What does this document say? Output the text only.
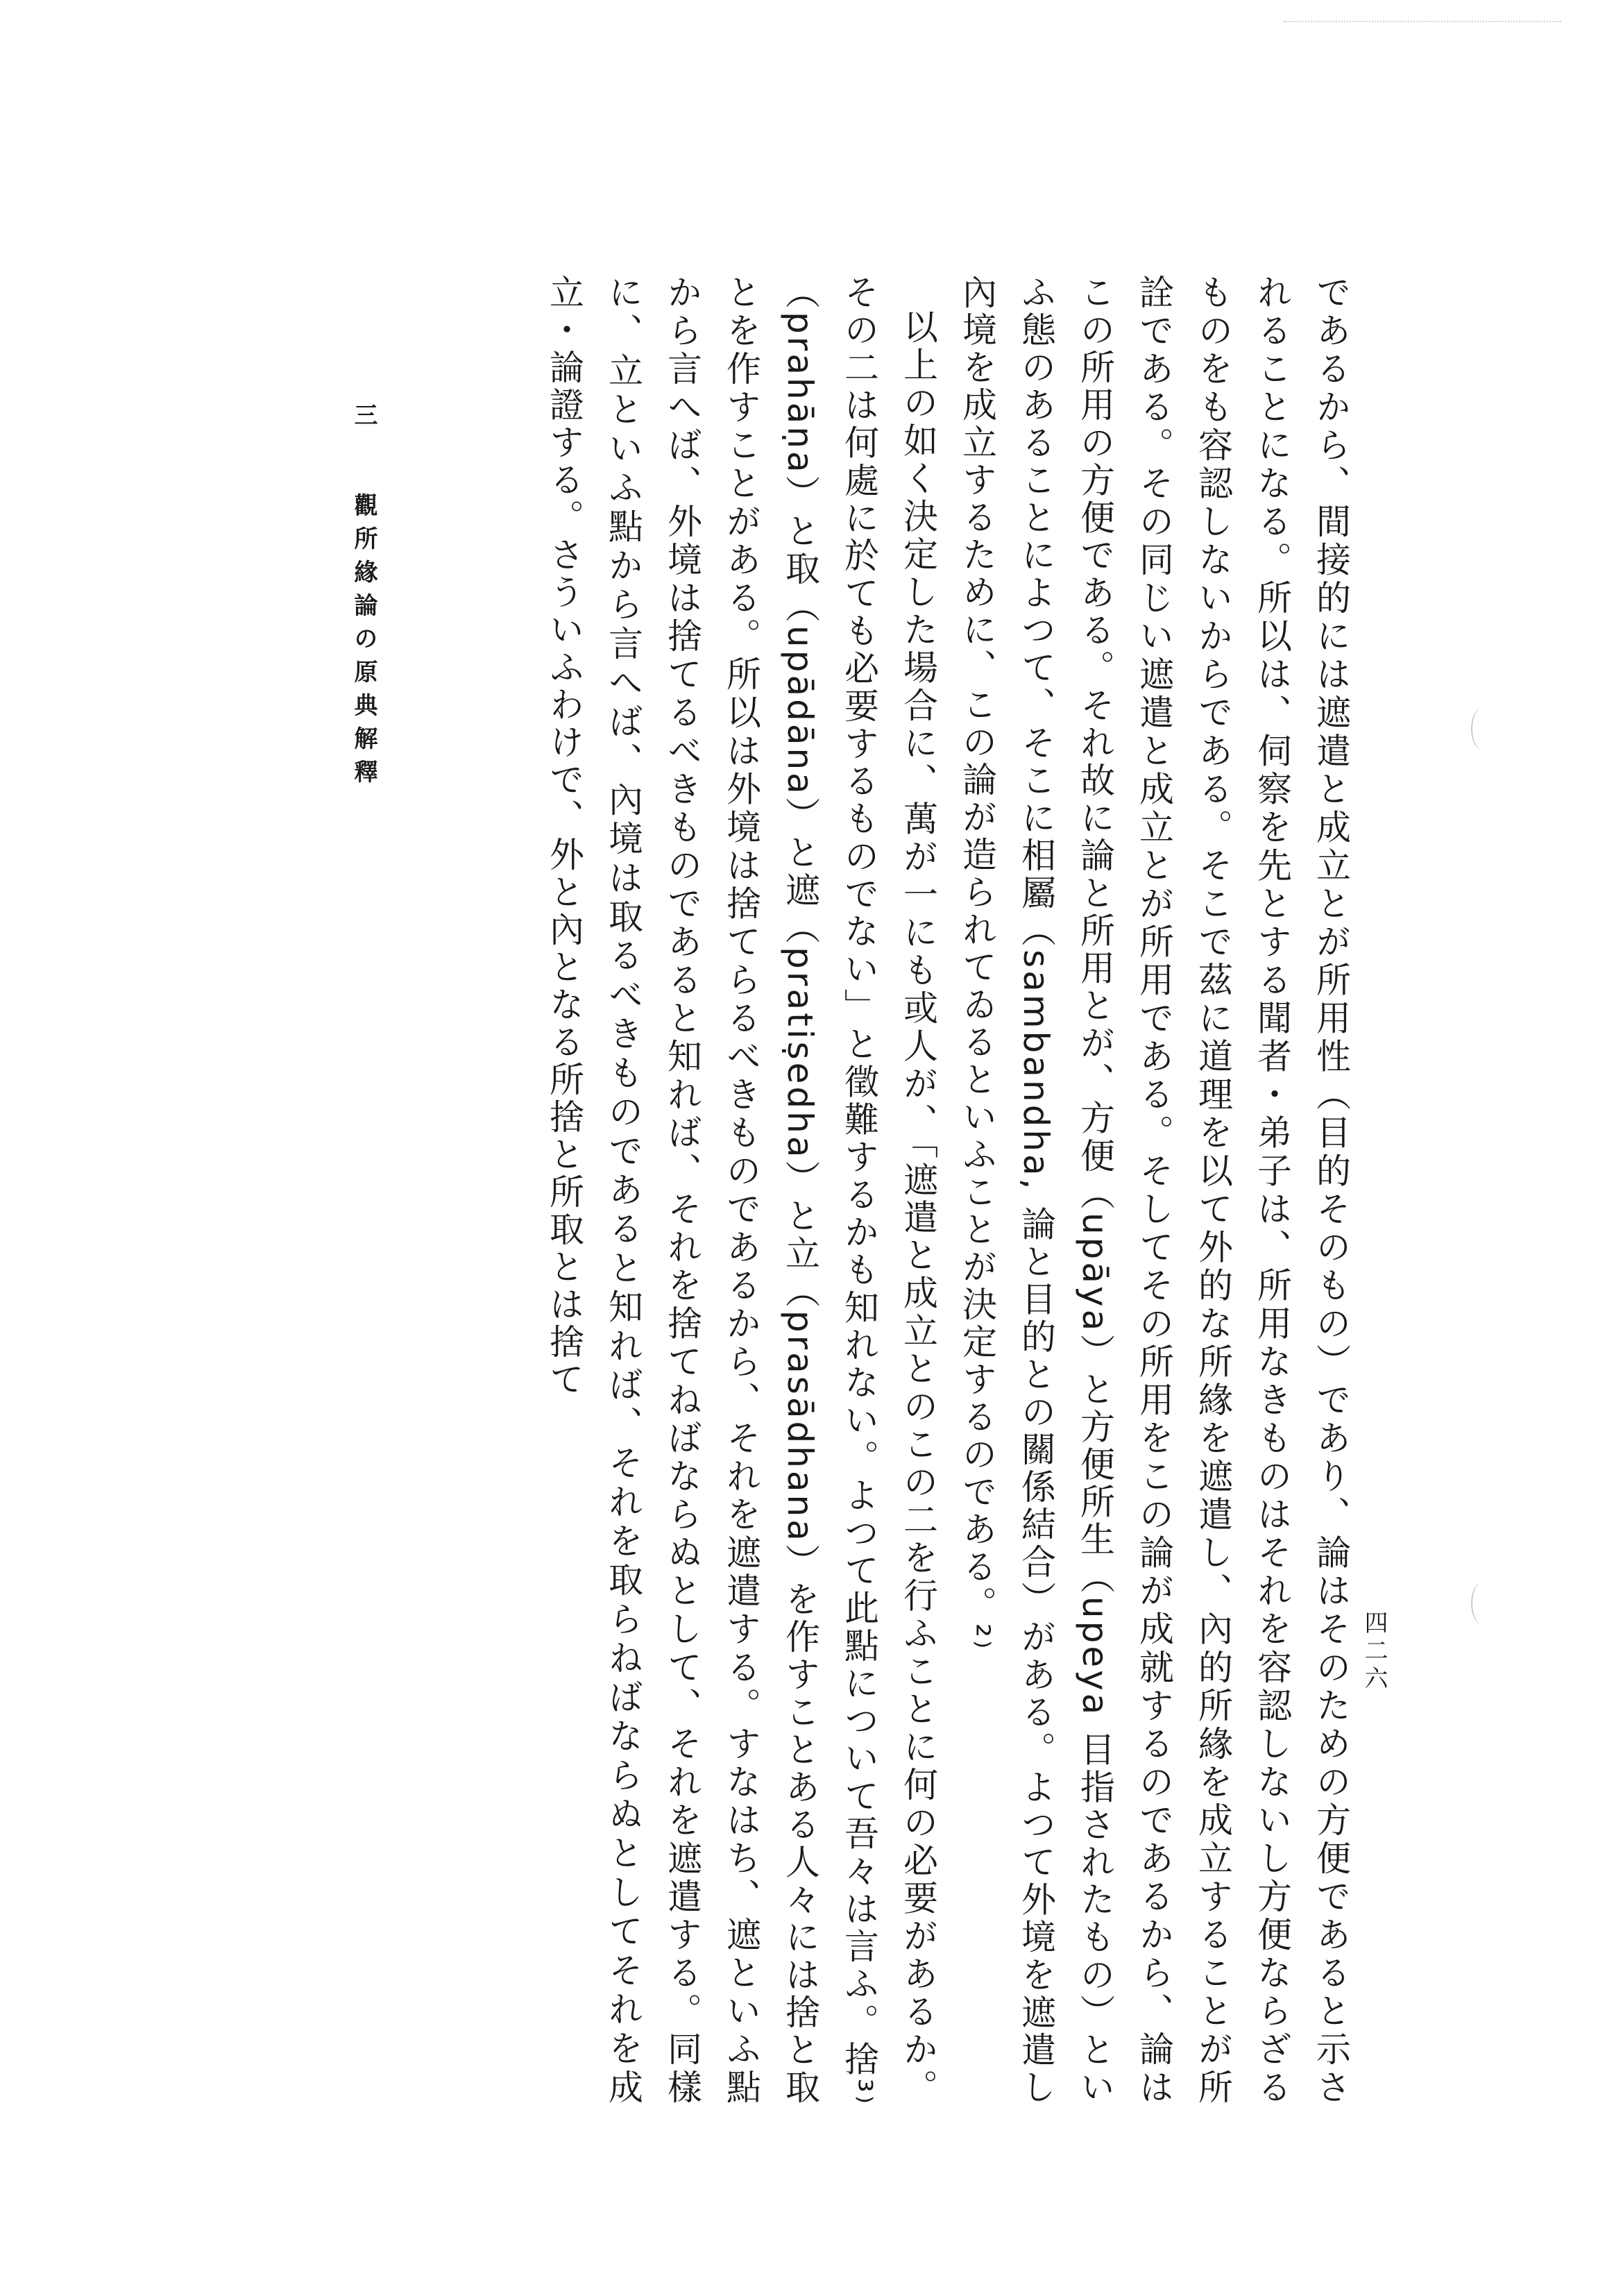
三 觀所緣論の原典解釋
四二六

であるから、間接的には遮遣と成立とが所用性（目的そのもの）であり、論はそのための方便であると示されることになる。所以は、伺察を先とする聞者・弟子は、所用なきものはそれを容認しないし方便ならざるものをも容認しないからである。そこで茲に道理を以て外的な所緣を遮遣し、內的所緣を成立することが所詮である。その同じい遮遣と成立とが所用である。そしてその所用をこの論が成就するのであるから、論はこの所用の方便である。それ故に論と所用とが、方便（upāya）と方便所生（upeya 目指されたもの）といふ態のあることによつて、そこに相屬（sambandha, 論と目的との關係結合）がある。よつて外境を遮遣し內境を成立するために、この論が造られてゐるといふことが決定するのである。²⁾

以上の如く決定した場合に、萬が一にも或人が、「遮遣と成立とのこの二を行ふことに何の必要があるか。その二は何處に於ても必要するものでない」と徵難するかも知れない。よつて此點について吾々は言ふ。捨³⁾（prahāṇa）と取（upādāna）と遮（pratiṣedha）と立（prasādhana）を作すことある人々には捨と取とを作すことがある。所以は外境は捨てらるべきものであるから、それを遮遣する。すなはち、遮といふ點から言へば、外境は捨てるべきものであると知れば、それを捨てねばならぬとして、それを遮遣する。同樣に、立といふ點から言へば、內境は取るべきものであると知れば、それを取らねばならぬとしてそれを成立・論證する。さういふわけで、外と內となる所捨と所取とは捨て
